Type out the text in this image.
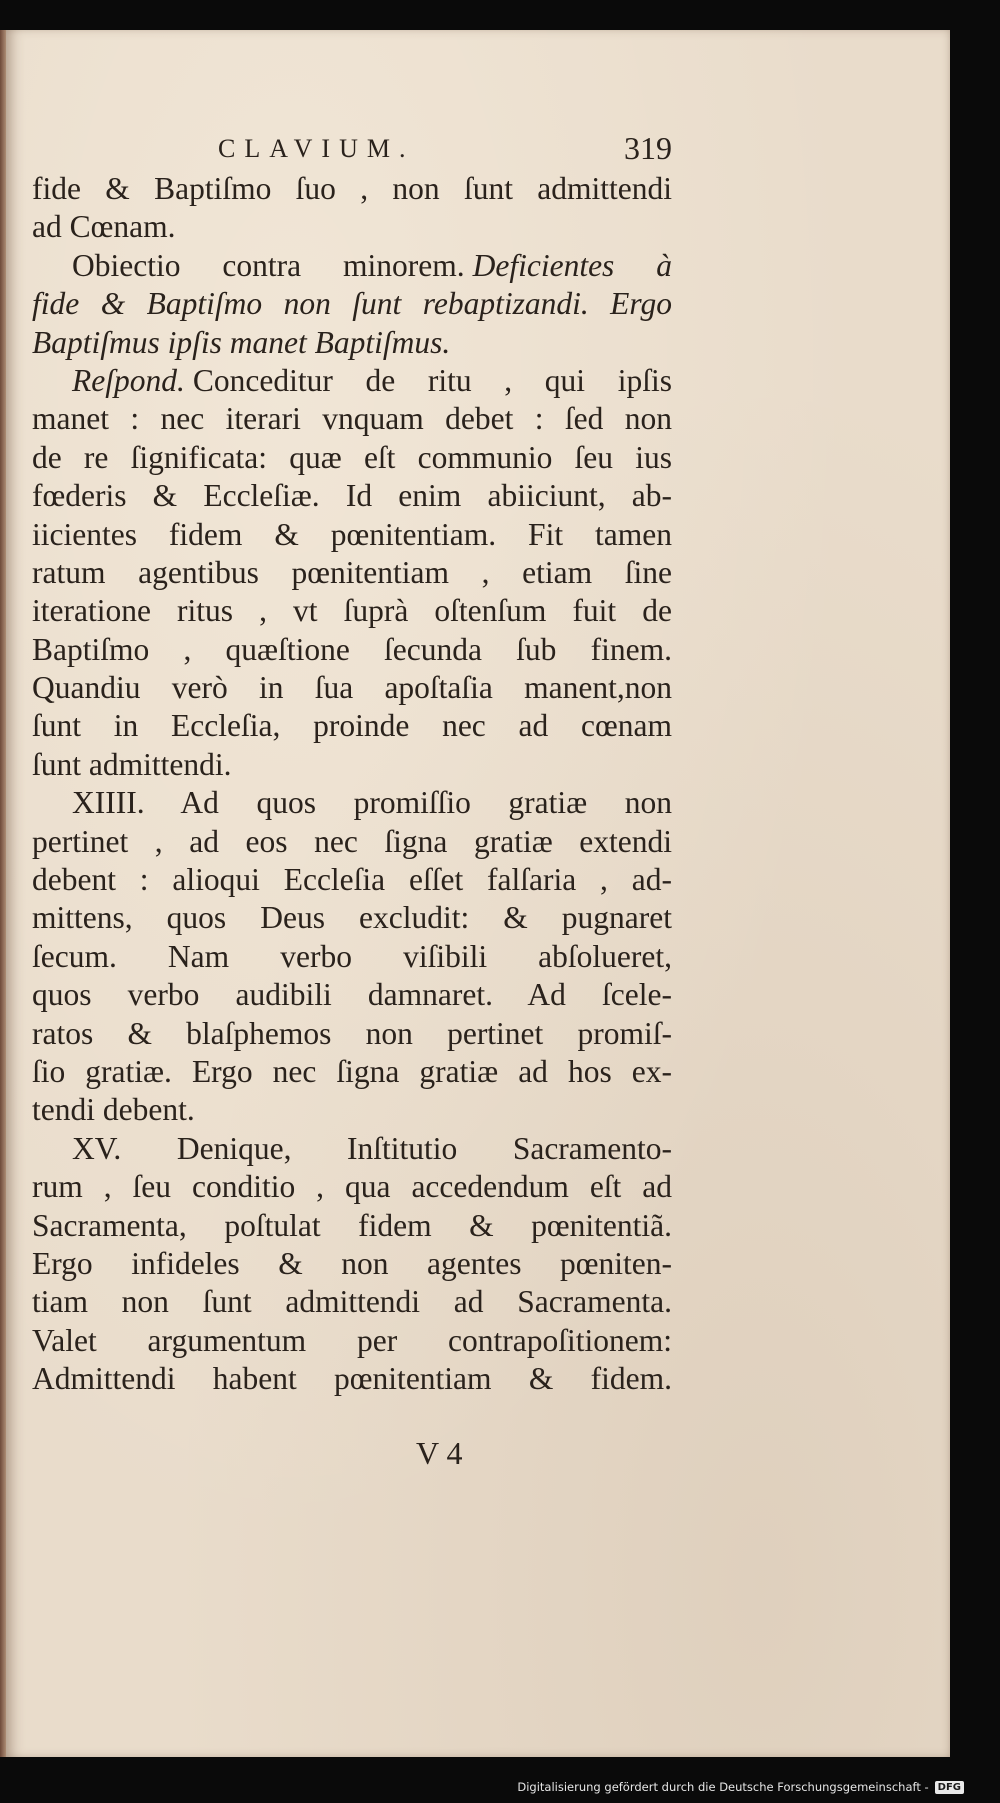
CLAVIUM.	319
fide & Baptiſmo ſuo , non ſunt admittendi
ad Cœnam.
Obiectio contra minorem. Deficientes à
fide & Baptiſmo non ſunt rebaptizandi. Ergo
Baptiſmus ipſis manet Baptiſmus.
Reſpond. Conceditur de ritu , qui ipſis
manet : nec iterari vnquam debet : ſed non
de re ſignificata: quæ eſt communio ſeu ius
fœderis & Eccleſiæ. Id enim abiiciunt, ab-
iicientes fidem & pœnitentiam. Fit tamen
ratum agentibus pœnitentiam , etiam ſine
iteratione ritus , vt ſuprà oſtenſum fuit de
Baptiſmo , quæſtione ſecunda ſub finem.
Quandiu verò in ſua apoſtaſia manent,non
ſunt in Eccleſia, proinde nec ad cœnam
ſunt admittendi.
XIIII. Ad quos promiſſio gratiæ non
pertinet , ad eos nec ſigna gratiæ extendi
debent : alioqui Eccleſia eſſet falſaria , ad-
mittens, quos Deus excludit: & pugnaret
ſecum. Nam verbo viſibili abſolueret,
quos verbo audibili damnaret. Ad ſcele-
ratos & blaſphemos non pertinet promiſ-
ſio gratiæ. Ergo nec ſigna gratiæ ad hos ex-
tendi debent.
XV. Denique, Inſtitutio Sacramento-
rum , ſeu conditio , qua accedendum eſt ad
Sacramenta, poſtulat fidem & pœnitentiã.
Ergo infideles & non agentes pœniten-
tiam non ſunt admittendi ad Sacramenta.
Valet argumentum per contrapoſitionem:
Admittendi habent pœnitentiam & fidem.
V 4
Digitalisierung gefördert durch die Deutsche Forschungsgemeinschaft - DFG
